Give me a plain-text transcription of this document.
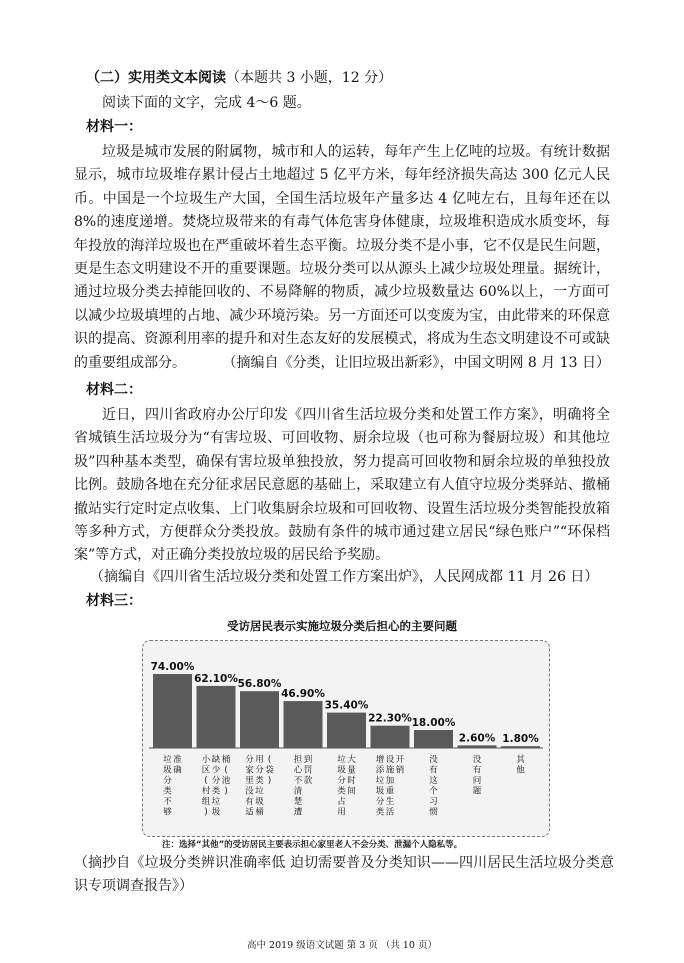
（二）实用类文本阅读（本题共 3 小题，12 分）
阅读下面的文字，完成 4～6 题。
材料一：

垃圾是城市发展的附属物，城市和人的运转，每年产生上亿吨的垃圾。有统计数据显示，城市垃圾堆存累计侵占土地超过 5 亿平方米，每年经济损失高达 300 亿元人民币。中国是一个垃圾生产大国，全国生活垃圾年产量多达 4 亿吨左右，且每年还在以 8%的速度递增。焚烧垃圾带来的有毒气体危害身体健康，垃圾堆积造成水质变坏，每年投放的海洋垃圾也在严重破坏着生态平衡。垃圾分类不是小事，它不仅是民生问题，更是生态文明建设不开的重要课题。垃圾分类可以从源头上减少垃圾处理量。据统计，通过垃圾分类去掉能回收的、不易降解的物质，减少垃圾数量达 60%以上，一方面可以减少垃圾填埋的占地、减少环境污染。另一方面还可以变废为宝，由此带来的环保意识的提高、资源利用率的提升和对生态友好的发展模式，将成为生态文明建设不可或缺的重要组成部分。	（摘编自《分类，让旧垃圾出新彩》，中国文明网 8 月 13 日）

材料二：

近日，四川省政府办公厅印发《四川省生活垃圾分类和处置工作方案》，明确将全省城镇生活垃圾分为“有害垃圾、可回收物、厨余垃圾（也可称为餐厨垃圾）和其他垃圾”四种基本类型，确保有害垃圾单独投放，努力提高可回收物和厨余垃圾的单独投放比例。鼓励各地在充分征求居民意愿的基础上，采取建立有人值守垃圾分类驿站、撤桶撤站实行定时定点收集、上门收集厨余垃圾和可回收物、设置生活垃圾分类智能投放箱等多种方式，方便群众分类投放。鼓励有条件的城市通过建立居民“绿色账户”“环保档案”等方式，对正确分类投放垃圾的居民给予奖励。

（摘编自《四川省生活垃圾分类和处置工作方案出炉》，人民网成都 11 月 26 日）
材料三：
受访居民表示实施垃圾分类后担心的主要问题
74.00%
垃圾分类不够准确
62.10%
小区(村组)缺少分类垃圾桶(池)
56.80%
分家里没有适用分类垃圾桶(袋)
46.90%
担心不清楚遭到罚款
35.40%
垃圾分类占用大量时间
22.30%
增添垃圾分类设施加重生活开销
18.00%
没有这个习惯
2.60%
没有问题
1.80%
其他
注：选择“其他”的受访居民主要表示担心家里老人不会分类、泄漏个人隐私等。

（摘抄自《垃圾分类辨识准确率低 迫切需要普及分类知识——四川居民生活垃圾分类意识专项调查报告》）

高中 2019 级语文试题 第 3 页 （共 10 页）
